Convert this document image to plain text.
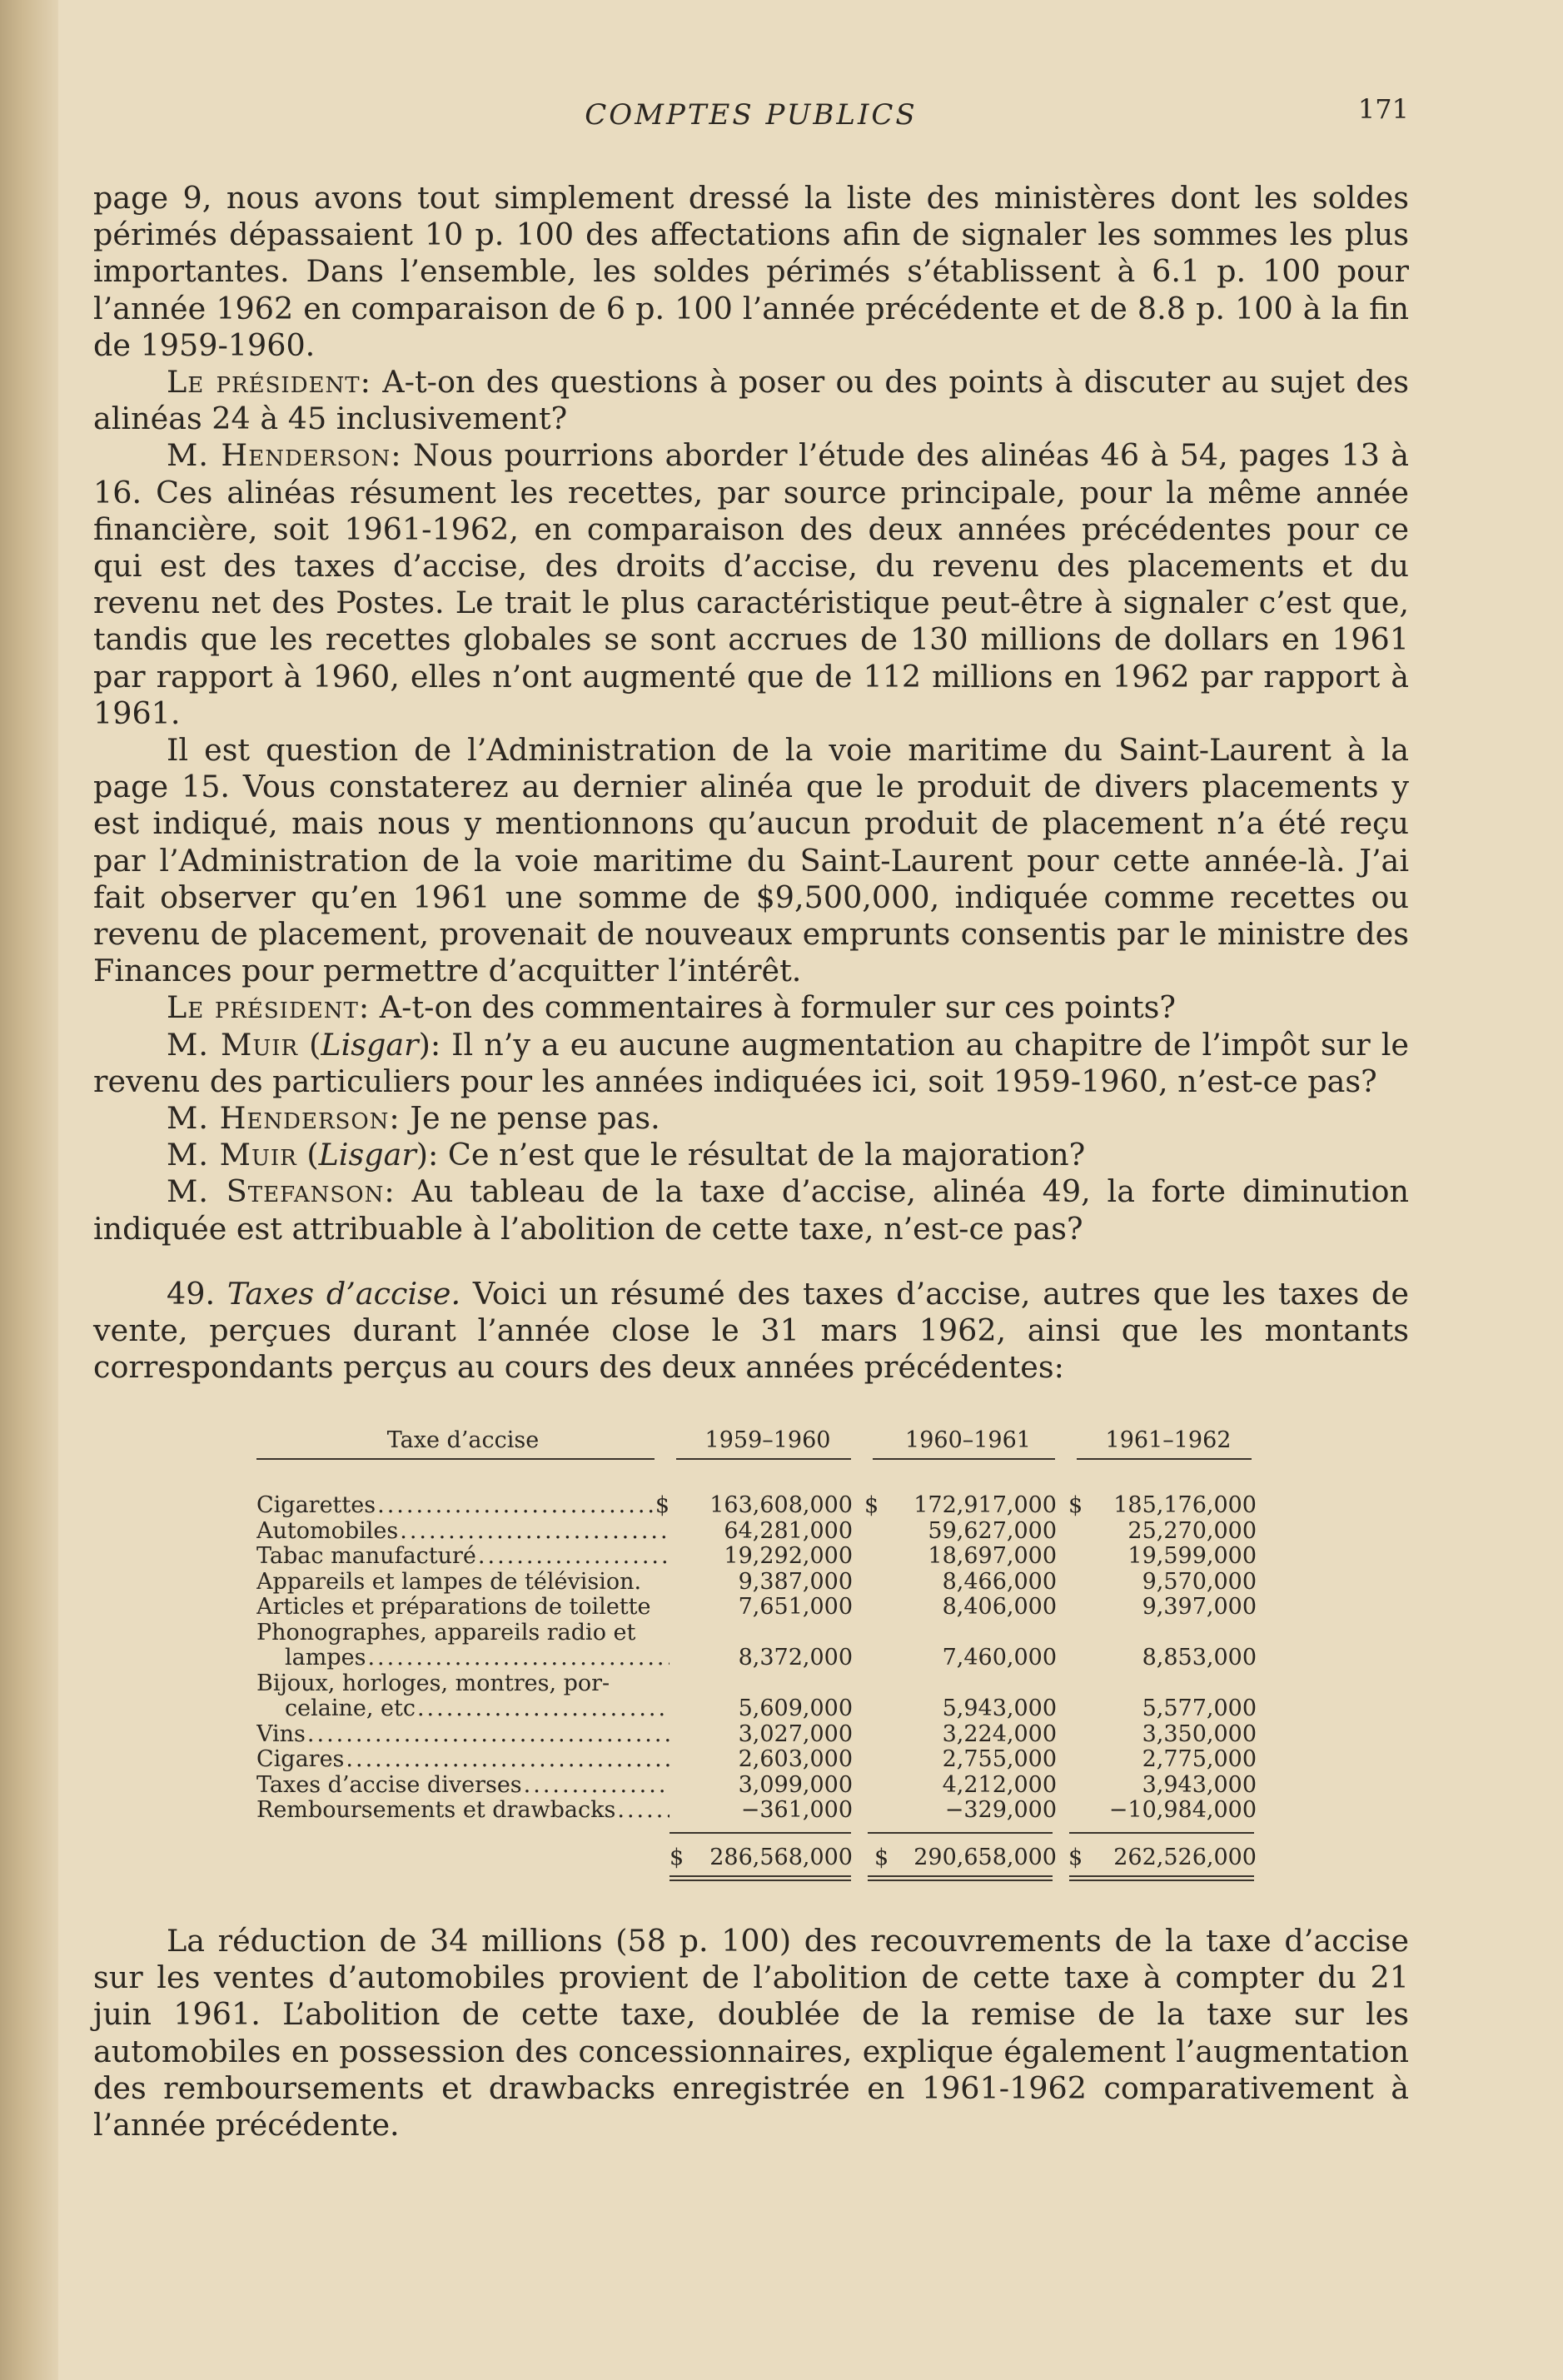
COMPTES PUBLICS	171

page 9, nous avons tout simplement dressé la liste des ministères dont les soldes périmés dépassaient 10 p. 100 des affectations afin de signaler les sommes les plus importantes. Dans l’ensemble, les soldes périmés s’établissent à 6.1 p. 100 pour l’année 1962 en comparaison de 6 p. 100 l’année précédente et de 8.8 p. 100 à la fin de 1959-1960.

Le président: A-t-on des questions à poser ou des points à discuter au sujet des alinéas 24 à 45 inclusivement?

M. Henderson: Nous pourrions aborder l’étude des alinéas 46 à 54, pages 13 à 16. Ces alinéas résument les recettes, par source principale, pour la même année financière, soit 1961-1962, en comparaison des deux années précédentes pour ce qui est des taxes d’accise, des droits d’accise, du revenu des placements et du revenu net des Postes. Le trait le plus caractéristique peut-être à signaler c’est que, tandis que les recettes globales se sont accrues de 130 millions de dollars en 1961 par rapport à 1960, elles n’ont augmenté que de 112 millions en 1962 par rapport à 1961.

Il est question de l’Administration de la voie maritime du Saint-Laurent à la page 15. Vous constaterez au dernier alinéa que le produit de divers placements y est indiqué, mais nous y mentionnons qu’aucun produit de placement n’a été reçu par l’Administration de la voie maritime du Saint-Laurent pour cette année-là. J’ai fait observer qu’en 1961 une somme de $9,500,000, indiquée comme recettes ou revenu de placement, provenait de nouveaux emprunts consentis par le ministre des Finances pour permettre d’acquitter l’intérêt.

Le président: A-t-on des commentaires à formuler sur ces points?

M. Muir (Lisgar): Il n’y a eu aucune augmentation au chapitre de l’impôt sur le revenu des particuliers pour les années indiquées ici, soit 1959-1960, n’est-ce pas?

M. Henderson: Je ne pense pas.

M. Muir (Lisgar): Ce n’est que le résultat de la majoration?

M. Stefanson: Au tableau de la taxe d’accise, alinéa 49, la forte diminution indiquée est attribuable à l’abolition de cette taxe, n’est-ce pas?

49. Taxes d’accise. Voici un résumé des taxes d’accise, autres que les taxes de vente, perçues durant l’année close le 31 mars 1962, ainsi que les montants correspondants perçus au cours des deux années précédentes:

Taxe d’accise	1959–1960	1960–1961	1961–1962
Cigarettes .....	$	163,608,000 $ 172,917,000 $ 185,176,000
Automobiles .....	64,281,000	59,627,000	25,270,000
Tabac manufacturé .....	19,292,000	18,697,000	19,599,000
Appareils et lampes de télévision.	9,387,000	8,466,000	9,570,000
Articles et préparations de toilette	7,651,000	8,406,000	9,397,000
Phonographes, appareils radio et
lampes .....	8,372,000	7,460,000	8,853,000
Bijoux, horloges, montres, por-
celaine, etc .....	5,609,000	5,943,000	5,577,000
Vins .....	3,027,000	3,224,000	3,350,000
Cigares .....	2,603,000	2,755,000	2,775,000
Taxes d’accise diverses .....	3,099,000	4,212,000	3,943,000
Remboursements et drawbacks .....	−361,000	−329,000	−10,984,000
$ 286,568,000 $ 290,658,000 $ 262,526,000

La réduction de 34 millions (58 p. 100) des recouvrements de la taxe d’accise sur les ventes d’automobiles provient de l’abolition de cette taxe à compter du 21 juin 1961. L’abolition de cette taxe, doublée de la remise de la taxe sur les automobiles en possession des concessionnaires, explique également l’augmentation des remboursements et drawbacks enregistrée en 1961-1962 comparativement à l’année précédente.
